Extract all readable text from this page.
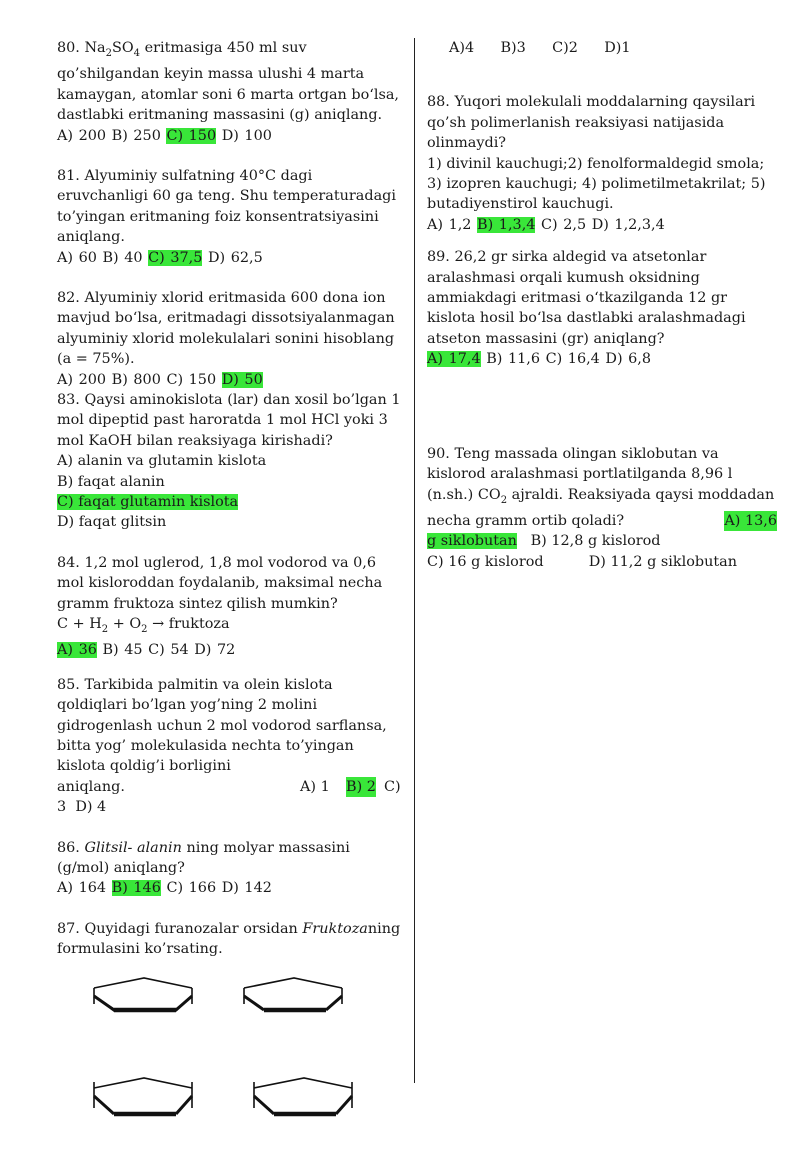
80. $Na_2SO_4$ eritmasiga 450 ml suv qo’shilgandan keyin massa ulushi 4 marta kamaygan, atomlar soni 6 marta ortgan bo‘lsa, dastlabki eritmaning massasini (g) aniqlang.

A) 200 B) 250 C) 150 D) 100

81. Alyuminiy sulfatning 40°C dagi eruvchanligi 60 ga teng. Shu temperaturadagi to’yingan eritmaning foiz konsentratsiyasini aniqlang.

A) 60 B) 40 C) 37,5 D) 62,5

82. Alyuminiy xlorid eritmasida 600 dona ion mavjud bo‘lsa, eritmadagi dissotsiyalanmagan alyuminiy xlorid molekulalari sonini hisoblang (a = 75%).

A) 200 B) 800 C) 150 D) 50

83. Qaysi aminokislota (lar) dan xosil bo’lgan 1 mol dipeptid past haroratda 1 mol HCl yoki 3 mol KaOH bilan reaksiyaga kirishadi?

A) alanin va glutamin kislota

B) faqat alanin

C) faqat glutamin kislota

D) faqat glitsin

84. 1,2 mol uglerod, 1,8 mol vodorod va 0,6 mol kisloroddan foydalanib, maksimal necha gramm fruktoza sintez qilish mumkin?

$C + H_2 + O_2$ → fruktoza

A) 36 B) 45 C) 54 D) 72

85. Tarkibida palmitin va olein kislota qoldiqlari bo’lgan yog’ning 2 molini gidrogenlash uchun 2 mol vodorod sarflansa, bitta yog’ molekulasida nechta to’yingan kislota qoldig’i borligini

aniqlang.	A) 1 B) 2 C)

3 D) 4

86. Glitsil- alanin ning molyar massasini (g/mol) aniqlang?

A) 164 B) 146 C) 166 D) 142

87. Quyidagi furanozalar orsidan Fruktozaning formulasini ko’rsating.

A)4 B)3 C)2 D)1

88. Yuqori molekulali moddalarning qaysilari qo’sh polimerlanish reaksiyasi natijasida olinmaydi?

1) divinil kauchugi;2) fenolformaldegid smola; 3) izopren kauchugi; 4) polimetilmetakrilat; 5) butadiyenstirol kauchugi.

A) 1,2 B) 1,3,4 C) 2,5 D) 1,2,3,4

89. 26,2 gr sirka aldegid va atsetonlar aralashmasi orqali kumush oksidning ammiakdagi eritmasi o‘tkazilganda 12 gr kislota hosil bo‘lsa dastlabki aralashmadagi atseton massasini (gr) aniqlang?

A) 17,4 B) 11,6 C) 16,4 D) 6,8

90. Teng massada olingan siklobutan va kislorod aralashmasi portlatilganda 8,96 l (n.sh.) $CO_2$ ajraldi. Reaksiyada qaysi moddadan necha gramm ortib qoladi?	A) 13,6

g siklobutan B) 12,8 g kislorod

C) 16 g kislorod	D) 11,2 g siklobutan
